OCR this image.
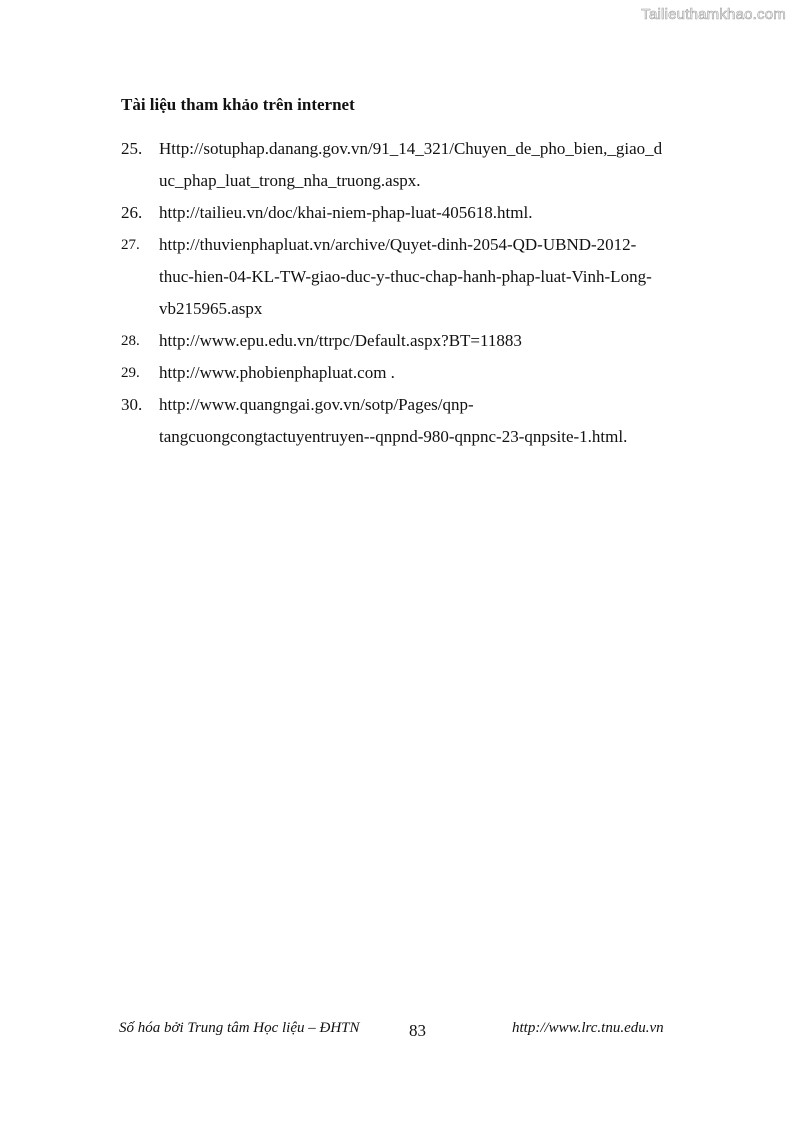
Tailieuthamkhao.com
Tài liệu tham khảo trên internet
25. Http://sotuphap.danang.gov.vn/91_14_321/Chuyen_de_pho_bien,_giao_d
uc_phap_luat_trong_nha_truong.aspx.
26. http://tailieu.vn/doc/khai-niem-phap-luat-405618.html.
27.	http://thuvienphapluat.vn/archive/Quyet-dinh-2054-QD-UBND-2012-
thuc-hien-04-KL-TW-giao-duc-y-thuc-chap-hanh-phap-luat-Vinh-Long-
vb215965.aspx
28.	http://www.epu.edu.vn/ttrpc/Default.aspx?BT=11883
29.	http://www.phobienphapluat.com .
30. http://www.quangngai.gov.vn/sotp/Pages/qnp-
tangcuongcongtactuyentruyen--qnpnd-980-qnpnc-23-qnpsite-1.html.
Số hóa bởi Trung tâm Học liệu – ĐHTN	83	http://www.lrc.tnu.edu.vn
